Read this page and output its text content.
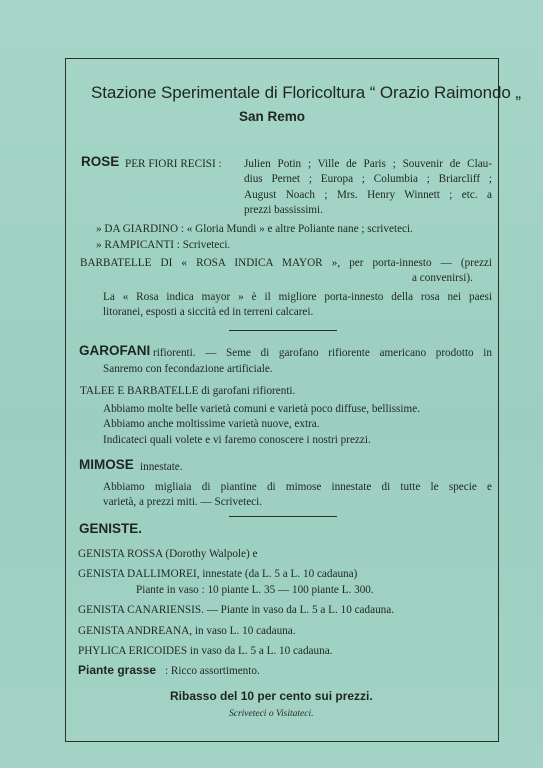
Stazione Sperimentale di Floricoltura “ Orazio Raimondo „
San Remo
ROSE PER FIORI RECISI : Julien Potin ; Ville de Paris ; Souvenir de Clau-
dius Pernet ; Europa ; Columbia ; Briarcliff ;
August Noach ; Mrs. Henry Winnett ; etc. a
prezzi bassissimi.
» DA GIARDINO : « Gloria Mundi » e altre Poliante nane ; scriveteci.
» RAMPICANTI : Scriveteci.
BARBATELLE DI « ROSA INDICA MAYOR », per porta-innesto — (prezzi
a convenirsi).
La « Rosa indica mayor » è il migliore porta-innesto della rosa nei paesi
litoranei, esposti a siccità ed in terreni calcarei.
GAROFANI rifiorenti. — Seme di garofano rifiorente americano prodotto in
Sanremo con fecondazione artificiale.
TALEE E BARBATELLE di garofani rifiorenti.
Abbiamo molte belle varietà comuni e varietà poco diffuse, bellissime.
Abbiamo anche moltissime varietà nuove, extra.
Indicateci quali volete e vi faremo conoscere i nostri prezzi.
MIMOSE innestate.
Abbiamo migliaia di piantine di mimose innestate di tutte le specie e
varietà, a prezzi miti. — Scriveteci.
GENISTE.
GENISTA ROSSA (Dorothy Walpole) e
GENISTA DALLIMOREI, innestate (da L. 5 a L. 10 cadauna)
Piante in vaso : 10 piante L. 35 — 100 piante L. 300.
GENISTA CANARIENSIS. — Piante in vaso da L. 5 a L. 10 cadauna.
GENISTA ANDREANA, in vaso L. 10 cadauna.
PHYLICA ERICOIDES in vaso da L. 5 a L. 10 cadauna.
Piante grasse : Ricco assortimento.
Ribasso del 10 per cento sui prezzi.
Scriveteci o Visitateci.
